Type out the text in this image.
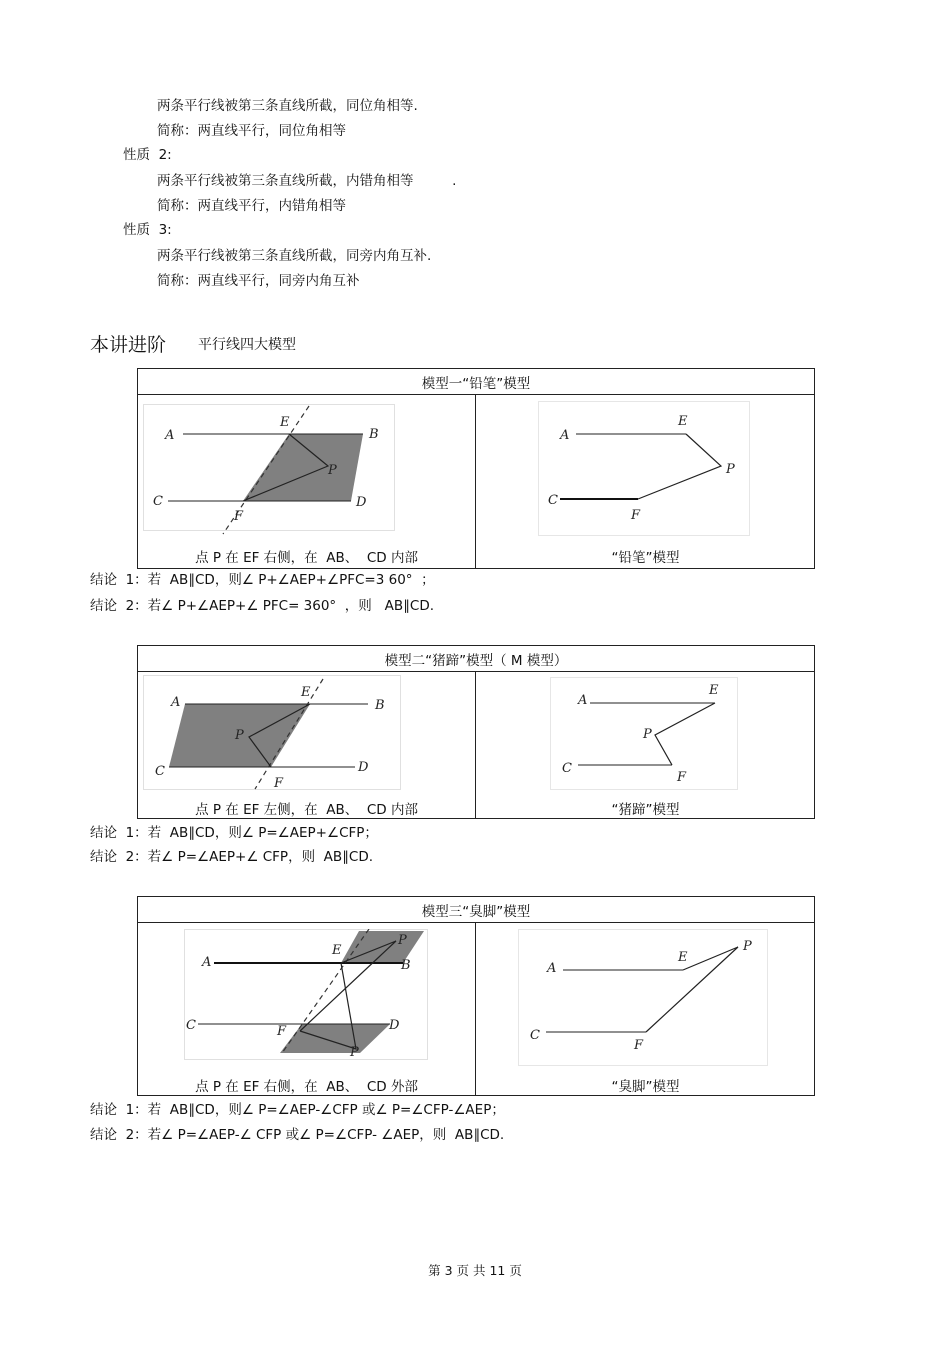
两条平行线被第三条直线所截，同位角相等.
简称：两直线平行，同位角相等
性质  2:
两条平行线被第三条直线所截，内错角相等         .
简称：两直线平行，内错角相等
性质  3:
两条平行线被第三条直线所截，同旁内角互补.
简称：两直线平行，同旁内角互补
本讲进阶 平行线四大模型
模型一“铅笔”模型
点 P 在 EF 右侧，在  AB、  CD 内部	“铅笔”模型
A	B
C	D
E
F
P
A
C
E
P
F
结论  1：若  AB∥CD，则∠ P+∠AEP+∠PFC=3 60°  ；
结论  2：若∠ P+∠AEP+∠ PFC= 360°  ，则   AB∥CD.
模型二“猪蹄”模型（ M 模型）
点 P 在 EF 左侧，在  AB、  CD 内部	“猪蹄”模型
A	B
C	D
E
F
P
A
C
E
P
F
结论  1：若  AB∥CD，则∠ P=∠AEP+∠CFP；
结论  2：若∠ P=∠AEP+∠ CFP，则  AB∥CD.
模型三“臭脚”模型
点 P 在 EF 右侧，在  AB、  CD 外部	“臭脚”模型
A	B
C	D
E
F
P
P
A
C
E
P
F
结论  1：若  AB∥CD，则∠ P=∠AEP-∠CFP 或∠ P=∠CFP-∠AEP；
结论  2：若∠ P=∠AEP-∠ CFP 或∠ P=∠CFP- ∠AEP，则  AB∥CD.
第 3 页 共 11 页
